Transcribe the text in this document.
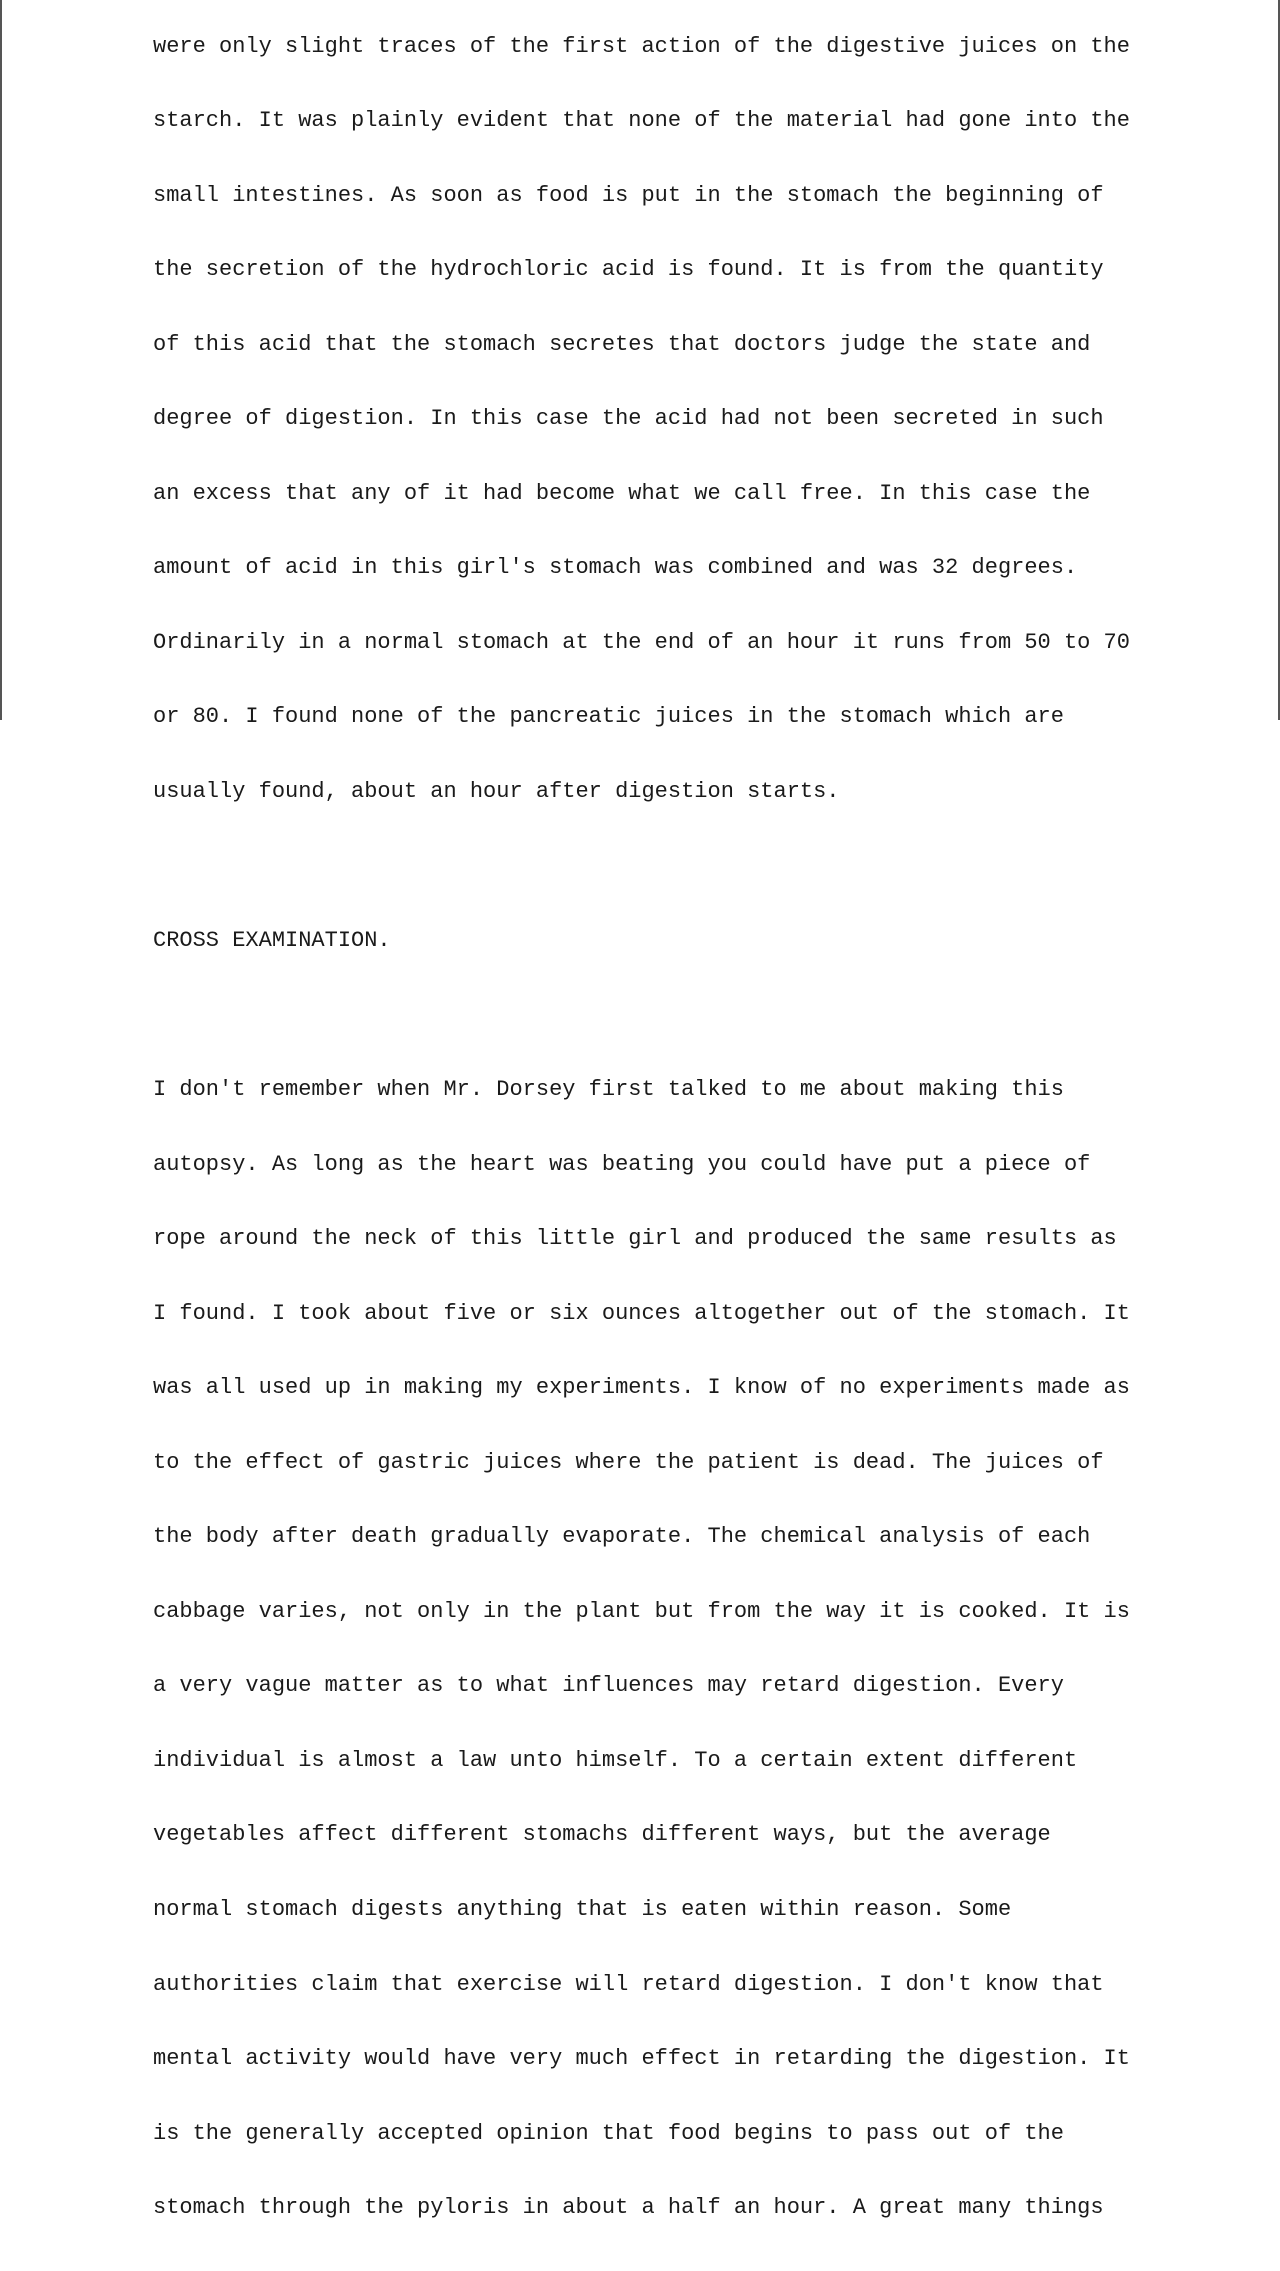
were only slight traces of the first action of the digestive juices on the

starch. It was plainly evident that none of the material had gone into the

small intestines. As soon as food is put in the stomach the beginning of

the secretion of the hydrochloric acid is found. It is from the quantity

of this acid that the stomach secretes that doctors judge the state and

degree of digestion. In this case the acid had not been secreted in such

an excess that any of it had become what we call free. In this case the

amount of acid in this girl's stomach was combined and was 32 degrees.

Ordinarily in a normal stomach at the end of an hour it runs from 50 to 70

or 80. I found none of the pancreatic juices in the stomach which are

usually found, about an hour after digestion starts.

CROSS EXAMINATION.

I don't remember when Mr. Dorsey first talked to me about making this

autopsy. As long as the heart was beating you could have put a piece of

rope around the neck of this little girl and produced the same results as

I found. I took about five or six ounces altogether out of the stomach. It

was all used up in making my experiments. I know of no experiments made as

to the effect of gastric juices where the patient is dead. The juices of

the body after death gradually evaporate. The chemical analysis of each

cabbage varies, not only in the plant but from the way it is cooked. It is

a very vague matter as to what influences may retard digestion. Every

individual is almost a law unto himself. To a certain extent different

vegetables affect different stomachs different ways, but the average

normal stomach digests anything that is eaten within reason. Some

authorities claim that exercise will retard digestion. I don't know that

mental activity would have very much effect in retarding the digestion. It

is the generally accepted opinion that food begins to pass out of the

stomach through the pyloris in about a half an hour. A great many things
